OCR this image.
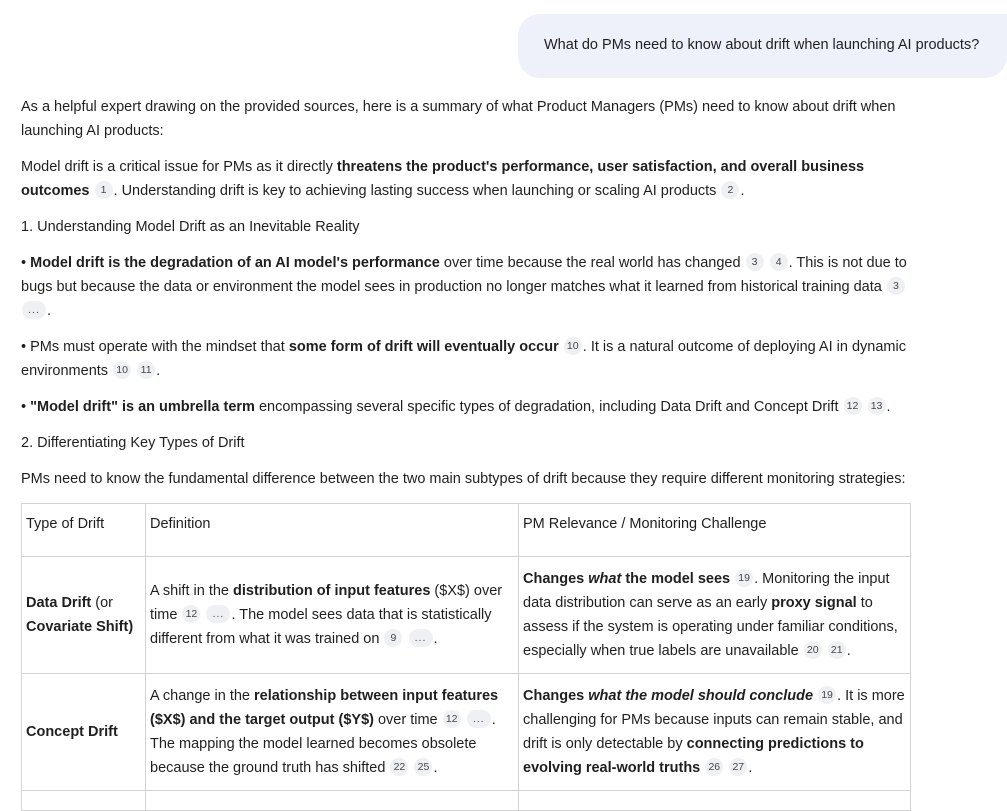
What do PMs need to know about drift when launching AI products?

As a helpful expert drawing on the provided sources, here is a summary of what Product Managers (PMs) need to know about drift when launching AI products:

Model drift is a critical issue for PMs as it directly threatens the product's performance, user satisfaction, and overall business outcomes 1 . Understanding drift is key to achieving lasting success when launching or scaling AI products 2 .

1. Understanding Model Drift as an Inevitable Reality

• Model drift is the degradation of an AI model's performance over time because the real world has changed 3 4 . This is not due to bugs but because the data or environment the model sees in production no longer matches what it learned from historical training data 3 ... .

• PMs must operate with the mindset that some form of drift will eventually occur 10 . It is a natural outcome of deploying AI in dynamic environments 10 11 .

• "Model drift" is an umbrella term encompassing several specific types of degradation, including Data Drift and Concept Drift 12 13 .

2. Differentiating Key Types of Drift

PMs need to know the fundamental difference between the two main subtypes of drift because they require different monitoring strategies:

Type of Drift	Definition	PM Relevance / Monitoring Challenge
Data Drift (or Covariate Shift)	A shift in the distribution of input features ($X$) over time 12 ... . The model sees data that is statistically different from what it was trained on 9 ... .	Changes what the model sees 19 . Monitoring the input data distribution can serve as an early proxy signal to assess if the system is operating under familiar conditions, especially when true labels are unavailable 20 21 .
Concept Drift	A change in the relationship between input features ($X$) and the target output ($Y$) over time 12 ... . The mapping the model learned becomes obsolete because the ground truth has shifted 22 25 .	Changes what the model should conclude 19 . It is more challenging for PMs because inputs can remain stable, and drift is only detectable by connecting predictions to evolving real-world truths 26 27 .
